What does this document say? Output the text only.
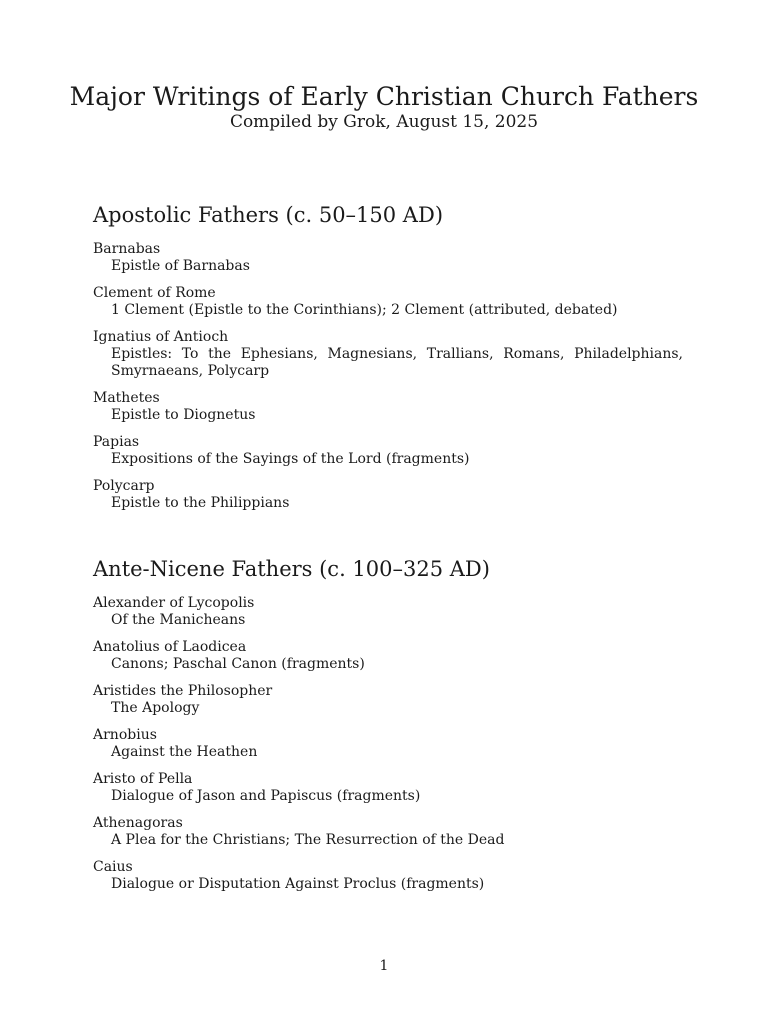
Major Writings of Early Christian Church Fathers
Compiled by Grok, August 15, 2025
Apostolic Fathers (c. 50–150 AD)
Barnabas
Epistle of Barnabas
Clement of Rome
1 Clement (Epistle to the Corinthians); 2 Clement (attributed, debated)
Ignatius of Antioch
Epistles: To the Ephesians, Magnesians, Trallians, Romans, Philadelphians, Smyrnaeans, Polycarp
Mathetes
Epistle to Diognetus
Papias
Expositions of the Sayings of the Lord (fragments)
Polycarp
Epistle to the Philippians
Ante-Nicene Fathers (c. 100–325 AD)
Alexander of Lycopolis
Of the Manicheans
Anatolius of Laodicea
Canons; Paschal Canon (fragments)
Aristides the Philosopher
The Apology
Arnobius
Against the Heathen
Aristo of Pella
Dialogue of Jason and Papiscus (fragments)
Athenagoras
A Plea for the Christians; The Resurrection of the Dead
Caius
Dialogue or Disputation Against Proclus (fragments)
1
